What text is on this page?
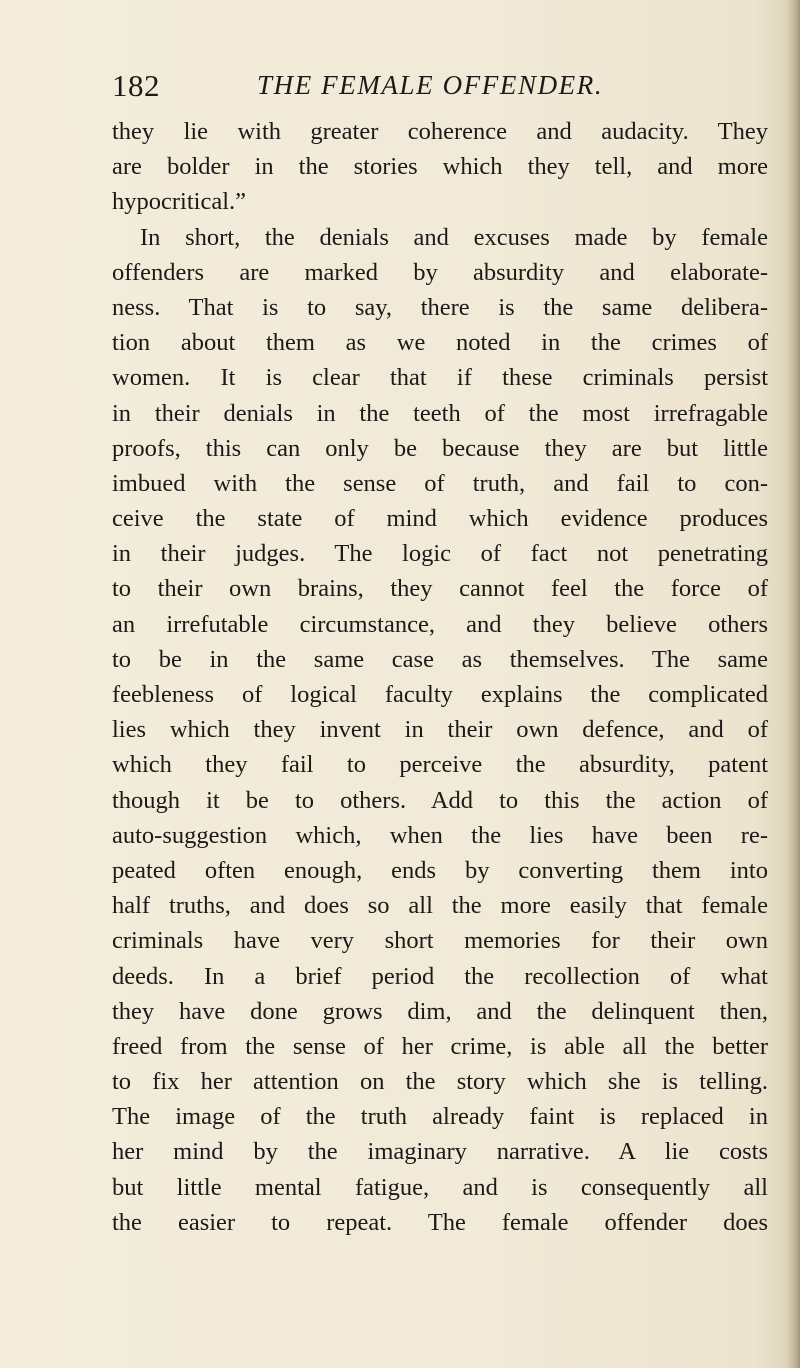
182	THE FEMALE OFFENDER.
they lie with greater coherence and audacity. They
are bolder in the stories which they tell, and more
hypocritical.”
In short, the denials and excuses made by female
offenders are marked by absurdity and elaborate-
ness. That is to say, there is the same delibera-
tion about them as we noted in the crimes of
women. It is clear that if these criminals persist
in their denials in the teeth of the most irrefragable
proofs, this can only be because they are but little
imbued with the sense of truth, and fail to con-
ceive the state of mind which evidence produces
in their judges. The logic of fact not penetrating
to their own brains, they cannot feel the force of
an irrefutable circumstance, and they believe others
to be in the same case as themselves. The same
feebleness of logical faculty explains the complicated
lies which they invent in their own defence, and of
which they fail to perceive the absurdity, patent
though it be to others. Add to this the action of
auto-suggestion which, when the lies have been re-
peated often enough, ends by converting them into
half truths, and does so all the more easily that female
criminals have very short memories for their own
deeds. In a brief period the recollection of what
they have done grows dim, and the delinquent then,
freed from the sense of her crime, is able all the better
to fix her attention on the story which she is telling.
The image of the truth already faint is replaced in
her mind by the imaginary narrative. A lie costs
but little mental fatigue, and is consequently all
the easier to repeat. The female offender does
